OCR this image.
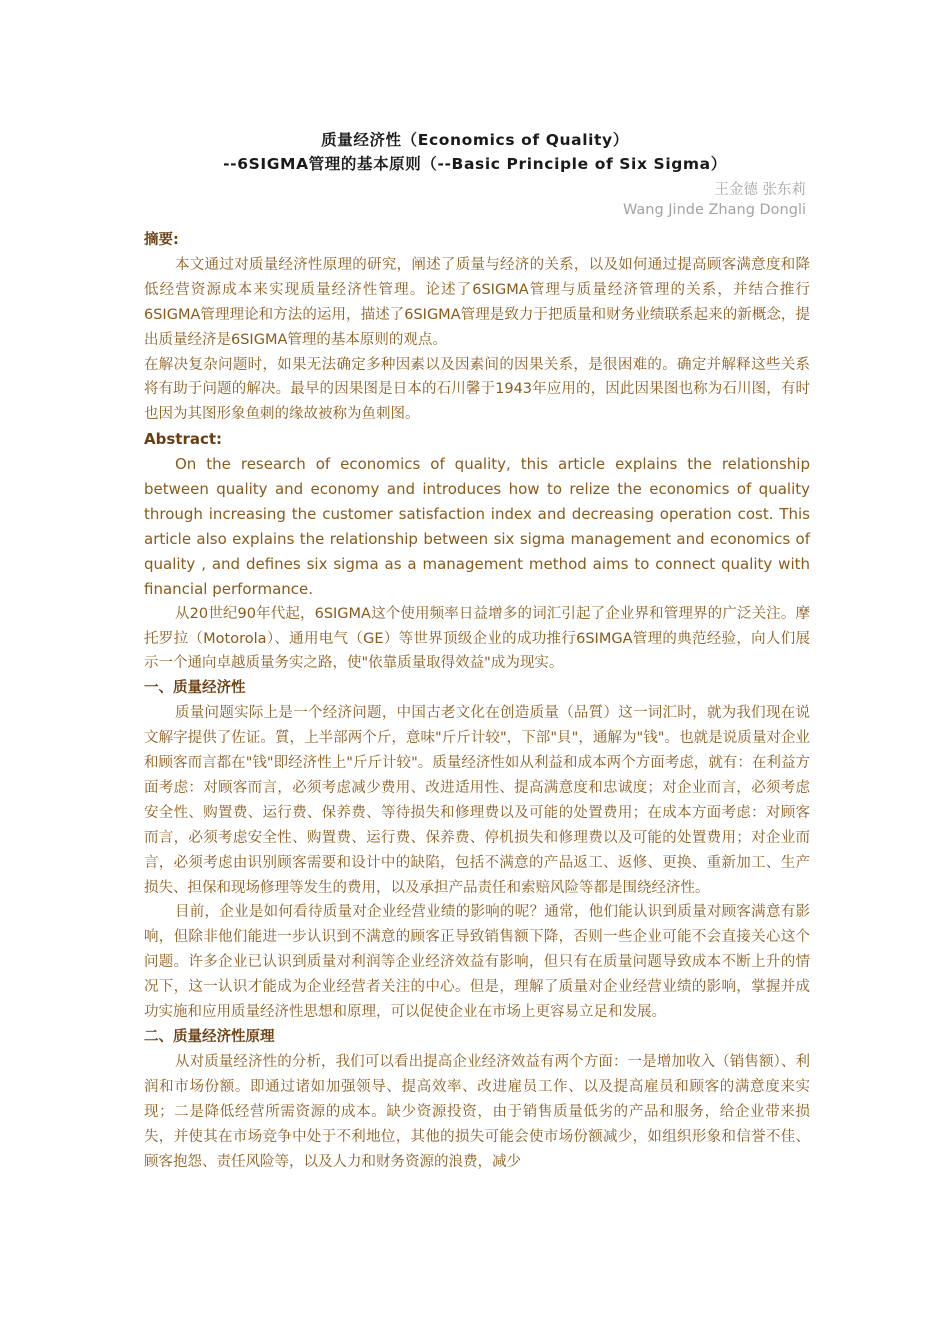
质量经济性（Economics of Quality）
--6SIGMA管理的基本原则（--Basic Principle of Six Sigma）
王金德 张东莉
Wang Jinde Zhang Dongli

摘要:

本文通过对质量经济性原理的研究，阐述了质量与经济的关系，以及如何通过提高顾客满意度和降低经营资源成本来实现质量经济性管理。论述了6SIGMA管理与质量经济管理的关系，并结合推行6SIGMA管理理论和方法的运用，描述了6SIGMA管理是致力于把质量和财务业绩联系起来的新概念，提出质量经济是6SIGMA管理的基本原则的观点。

在解决复杂问题时，如果无法确定多种因素以及因素间的因果关系，是很困难的。确定并解释这些关系将有助于问题的解决。最早的因果图是日本的石川馨于1943年应用的，因此因果图也称为石川图，有时也因为其图形象鱼刺的缘故被称为鱼刺图。

Abstract:

On the research of economics of quality, this article explains the relationship between quality and economy and introduces how to relize the economics of quality through increasing the customer satisfaction index and decreasing operation cost. This article also explains the relationship between six sigma management and economics of quality , and defines six sigma as a management method aims to connect quality with financial performance.

从20世纪90年代起，6SIGMA这个使用频率日益增多的词汇引起了企业界和管理界的广泛关注。摩托罗拉（Motorola）、通用电气（GE）等世界顶级企业的成功推行6SIMGA管理的典范经验，向人们展示一个通向卓越质量务实之路，使"依靠质量取得效益"成为现实。

一、质量经济性

质量问题实际上是一个经济问题，中国古老文化在创造质量（品質）这一词汇时，就为我们现在说文解字提供了佐证。質，上半部两个斤，意味"斤斤计较"，下部"貝"，通解为"钱"。也就是说质量对企业和顾客而言都在"钱"即经济性上"斤斤计较"。质量经济性如从利益和成本两个方面考虑，就有：在利益方面考虑：对顾客而言，必须考虑减少费用、改进适用性、提高满意度和忠诚度；对企业而言，必须考虑安全性、购置费、运行费、保养费、等待损失和修理费以及可能的处置费用；在成本方面考虑：对顾客而言，必须考虑安全性、购置费、运行费、保养费、停机损失和修理费以及可能的处置费用；对企业而言，必须考虑由识别顾客需要和设计中的缺陷，包括不满意的产品返工、返修、更换、重新加工、生产损失、担保和现场修理等发生的费用，以及承担产品责任和索赔风险等都是围绕经济性。

目前，企业是如何看待质量对企业经营业绩的影响的呢？通常，他们能认识到质量对顾客满意有影响，但除非他们能进一步认识到不满意的顾客正导致销售额下降，否则一些企业可能不会直接关心这个问题。许多企业已认识到质量对利润等企业经济效益有影响，但只有在质量问题导致成本不断上升的情况下，这一认识才能成为企业经营者关注的中心。但是，理解了质量对企业经营业绩的影响，掌握并成功实施和应用质量经济性思想和原理，可以促使企业在市场上更容易立足和发展。

二、质量经济性原理

从对质量经济性的分析，我们可以看出提高企业经济效益有两个方面：一是增加收入（销售额）、利润和市场份额。即通过诸如加强领导、提高效率、改进雇员工作、以及提高雇员和顾客的满意度来实现；二是降低经营所需资源的成本。缺少资源投资，由于销售质量低劣的产品和服务，给企业带来损失，并使其在市场竞争中处于不利地位，其他的损失可能会使市场份额减少，如组织形象和信誉不佳、顾客抱怨、责任风险等，以及人力和财务资源的浪费，减少
